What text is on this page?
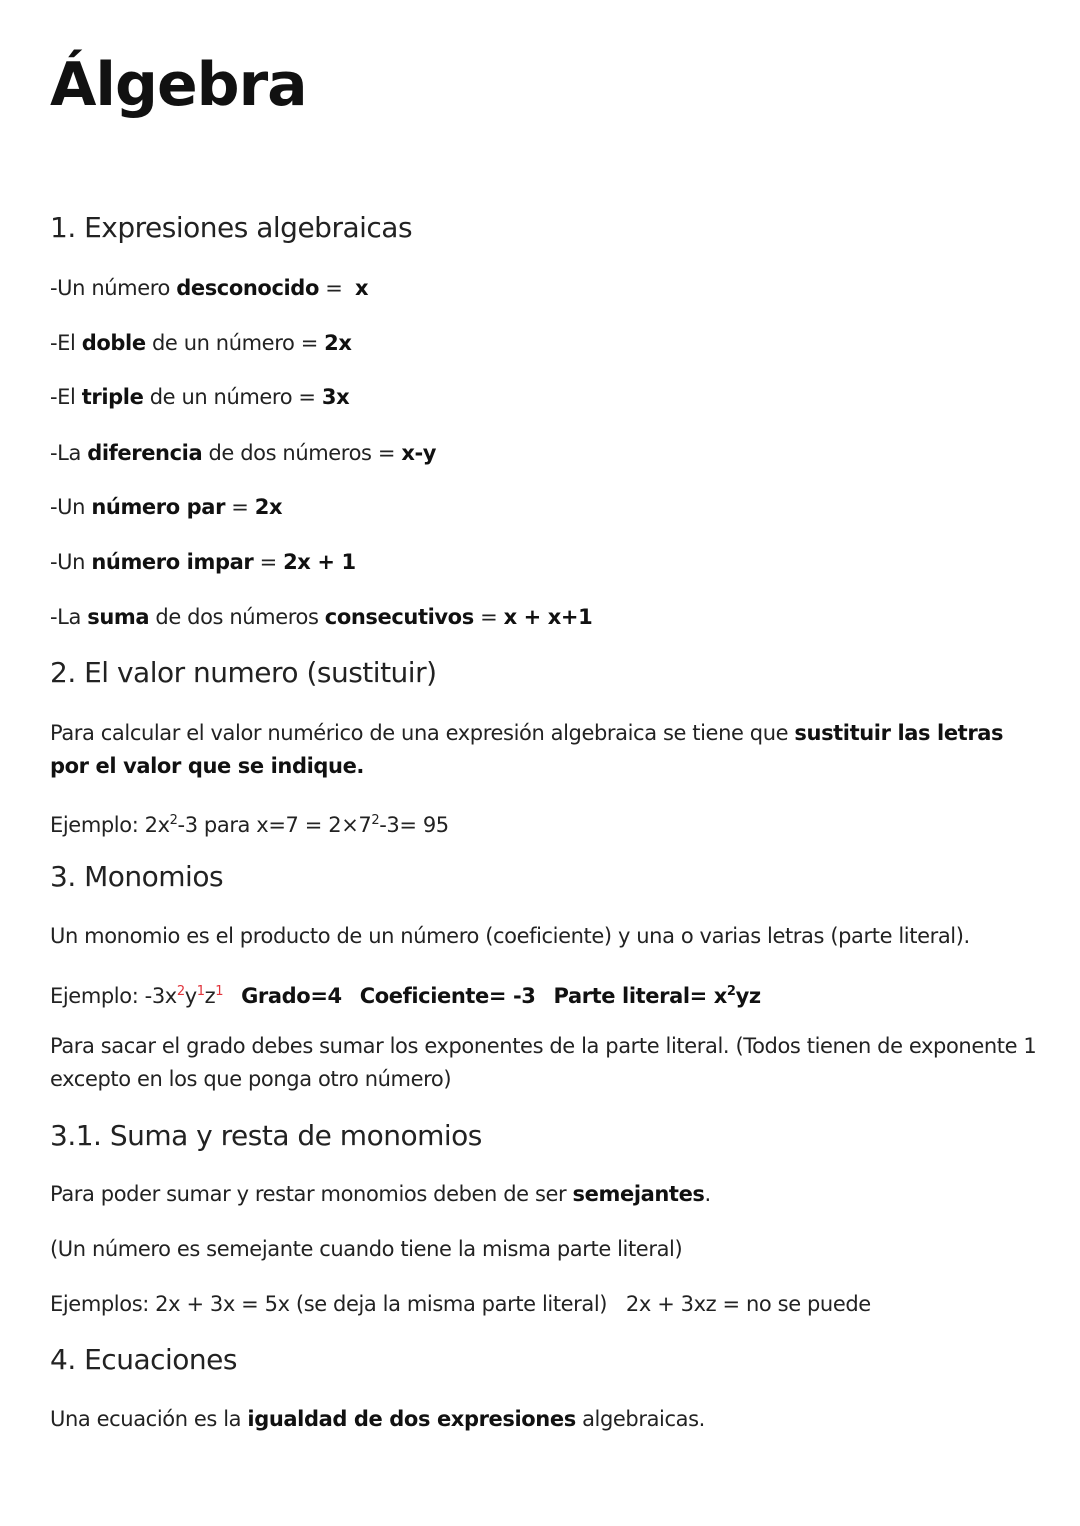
Álgebra
1. Expresiones algebraicas

-Un número desconocido =  x

-El doble de un número = 2x

-El triple de un número = 3x

-La diferencia de dos números = x-y

-Un número par = 2x

-Un número impar = 2x + 1

-La suma de dos números consecutivos = x + x+1

2. El valor numero (sustituir)

Para calcular el valor numérico de una expresión algebraica se tiene que sustituir las letras por el valor que se indique.

Ejemplo: $2x^2-3$ para $x=7 = 2\times 7^2-3= 95$

3. Monomios

Un monomio es el producto de un número (coeficiente) y una o varias letras (parte literal).

Ejemplo: $-3x^2y^1z^1$ Grado=4 Coeficiente= -3 Parte literal= $x^2yz$

Para sacar el grado debes sumar los exponentes de la parte literal. (Todos tienen de exponente 1 excepto en los que ponga otro número)

3.1. Suma y resta de monomios

Para poder sumar y restar monomios deben de ser semejantes.

(Un número es semejante cuando tiene la misma parte literal)

Ejemplos: 2x + 3x = 5x (se deja la misma parte literal)   2x + 3xz = no se puede

4. Ecuaciones

Una ecuación es la igualdad de dos expresiones algebraicas.
